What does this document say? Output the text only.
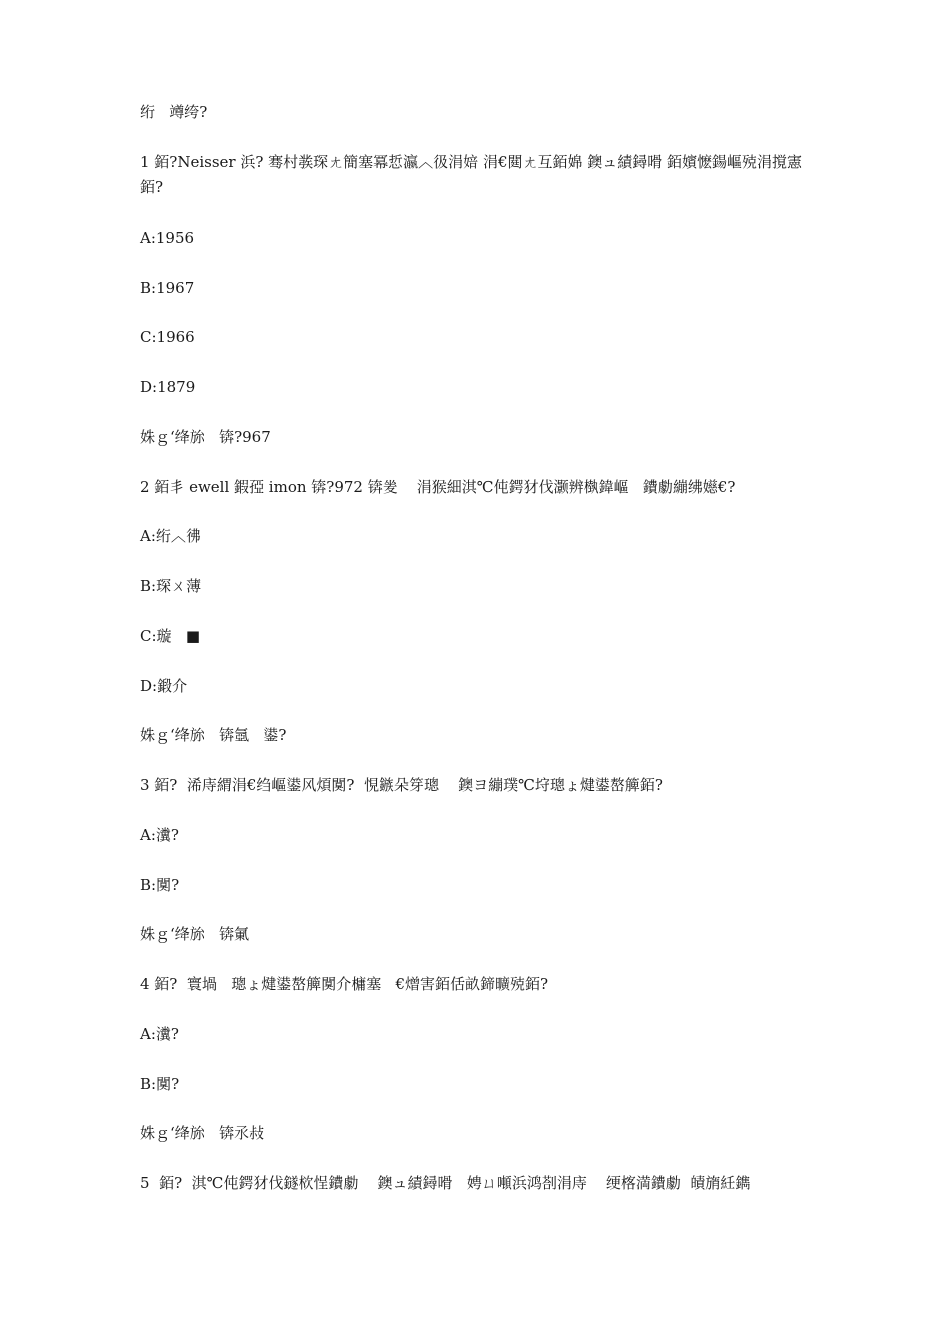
绗   竴绔?

1 銆?Neisser 浜? 骞村彂琛ㄤ簡塞冪悊瀛︿彶涓婄 涓€閮ㄤ互銆婂 鐭ュ績鐞嗗 銆嬪懡鍚嶇殑涓撹憲銆?

A:1956

B:1967

C:1966

D:1879

姝ｇ‘绛旀   锛?967

2 銆丯 ewell 鍜孲 imon 锛?972 锛夎    涓猴細淇℃伅鍔犲伐灏辨槸鍏嶇   鐨勮繃绋嬨€?

A:绗︿彿

B:琛ㄨ薄

C:璇   ■

D:鍛介

姝ｇ‘绛旀   锛氬   鍙?

3 銆?  浠庤緭涓€绉嶇鍙风煩闃?  悓鏃朵笌璁    鐭ヨ繃璞℃垨璁ょ煡鍙嶅簲銆?

A:瀵?

B:闃?

姝ｇ‘绛旀   锛氭

4 銆?  寰堝   璁ょ煡鍙嶅簲闃介槦塞   €熷害銆佸畝鍗曠殑銆?

A:瀵?

B:闃?

姝ｇ‘绛旀   锛氶敊

5  銆?  淇℃伅鍔犲伐鐩栨悜鐨勮    鐭ュ績鐞嗗   娉ㄩ噸浜鸿剳涓庤    绠楁満鐨勮  皟旓紝鐫
